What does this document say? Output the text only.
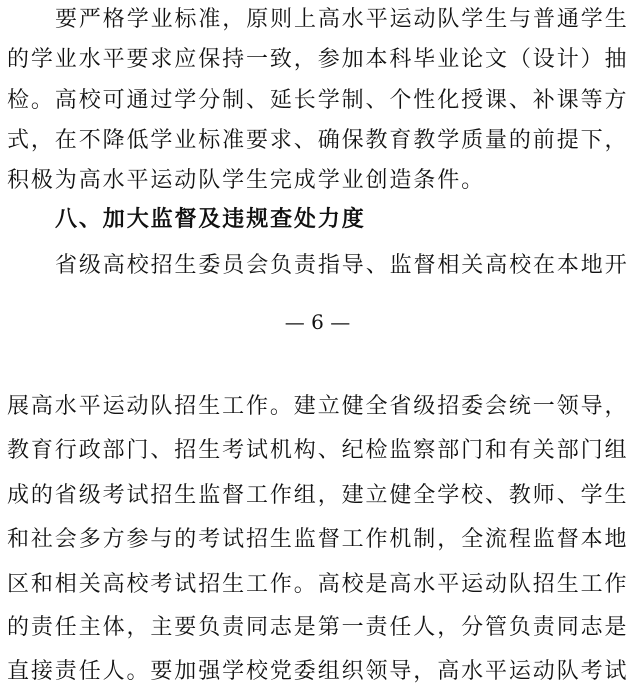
要严格学业标准，原则上高水平运动队学生与普通学生
的学业水平要求应保持一致，参加本科毕业论文（设计）抽
检。高校可通过学分制、延长学制、个性化授课、补课等方
式，在不降低学业标准要求、确保教育教学质量的前提下，
积极为高水平运动队学生完成学业创造条件。
八、加大监督及违规查处力度
省级高校招生委员会负责指导、监督相关高校在本地开
— 6 —
展高水平运动队招生工作。建立健全省级招委会统一领导，
教育行政部门、招生考试机构、纪检监察部门和有关部门组
成的省级考试招生监督工作组，建立健全学校、教师、学生
和社会多方参与的考试招生监督工作机制，全流程监督本地
区和相关高校考试招生工作。高校是高水平运动队招生工作
的责任主体，主要负责同志是第一责任人，分管负责同志是
直接责任人。要加强学校党委组织领导，高水平运动队考试
